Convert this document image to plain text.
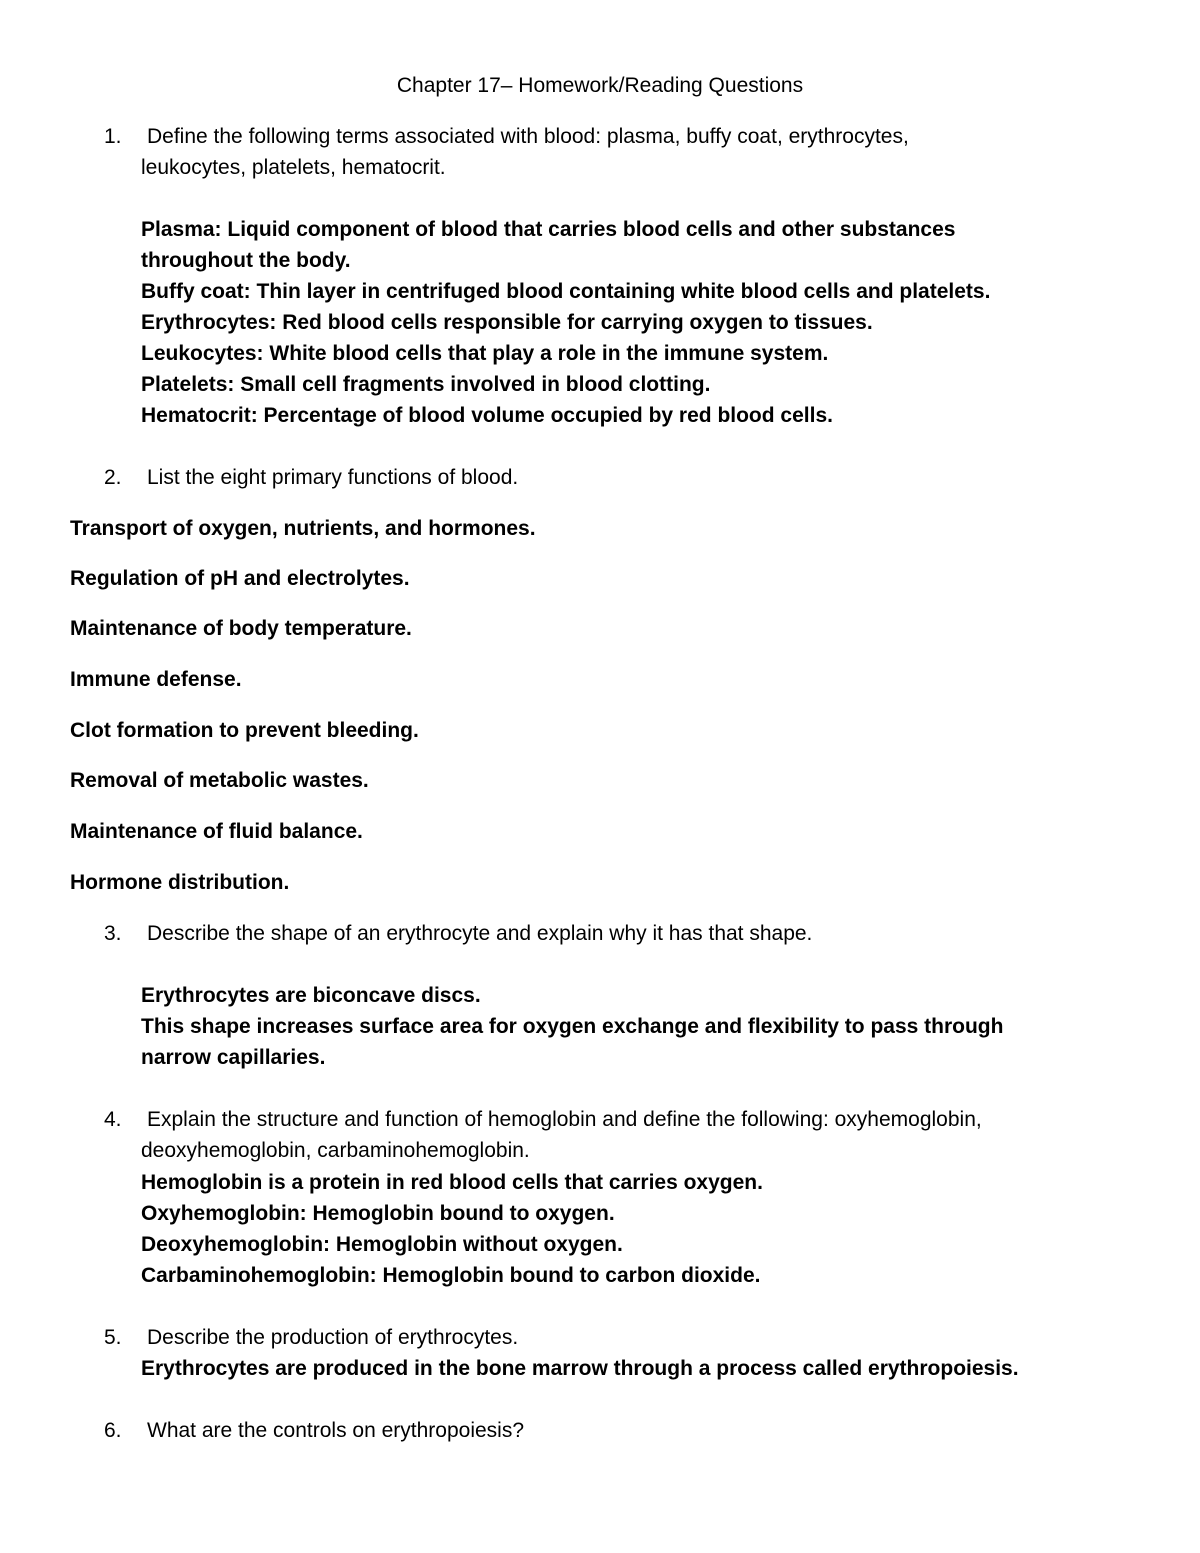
Chapter 17– Homework/Reading Questions
1. Define the following terms associated with blood: plasma, buffy coat, erythrocytes,
leukocytes, platelets, hematocrit.
Plasma: Liquid component of blood that carries blood cells and other substances
throughout the body.
Buffy coat: Thin layer in centrifuged blood containing white blood cells and platelets.
Erythrocytes: Red blood cells responsible for carrying oxygen to tissues.
Leukocytes: White blood cells that play a role in the immune system.
Platelets: Small cell fragments involved in blood clotting.
Hematocrit: Percentage of blood volume occupied by red blood cells.
2. List the eight primary functions of blood.
Transport of oxygen, nutrients, and hormones.
Regulation of pH and electrolytes.
Maintenance of body temperature.
Immune defense.
Clot formation to prevent bleeding.
Removal of metabolic wastes.
Maintenance of fluid balance.
Hormone distribution.
3. Describe the shape of an erythrocyte and explain why it has that shape.
Erythrocytes are biconcave discs.
This shape increases surface area for oxygen exchange and flexibility to pass through
narrow capillaries.
4. Explain the structure and function of hemoglobin and define the following: oxyhemoglobin,
deoxyhemoglobin, carbaminohemoglobin.
Hemoglobin is a protein in red blood cells that carries oxygen.
Oxyhemoglobin: Hemoglobin bound to oxygen.
Deoxyhemoglobin: Hemoglobin without oxygen.
Carbaminohemoglobin: Hemoglobin bound to carbon dioxide.
5. Describe the production of erythrocytes.
Erythrocytes are produced in the bone marrow through a process called erythropoiesis.
6. What are the controls on erythropoiesis?
